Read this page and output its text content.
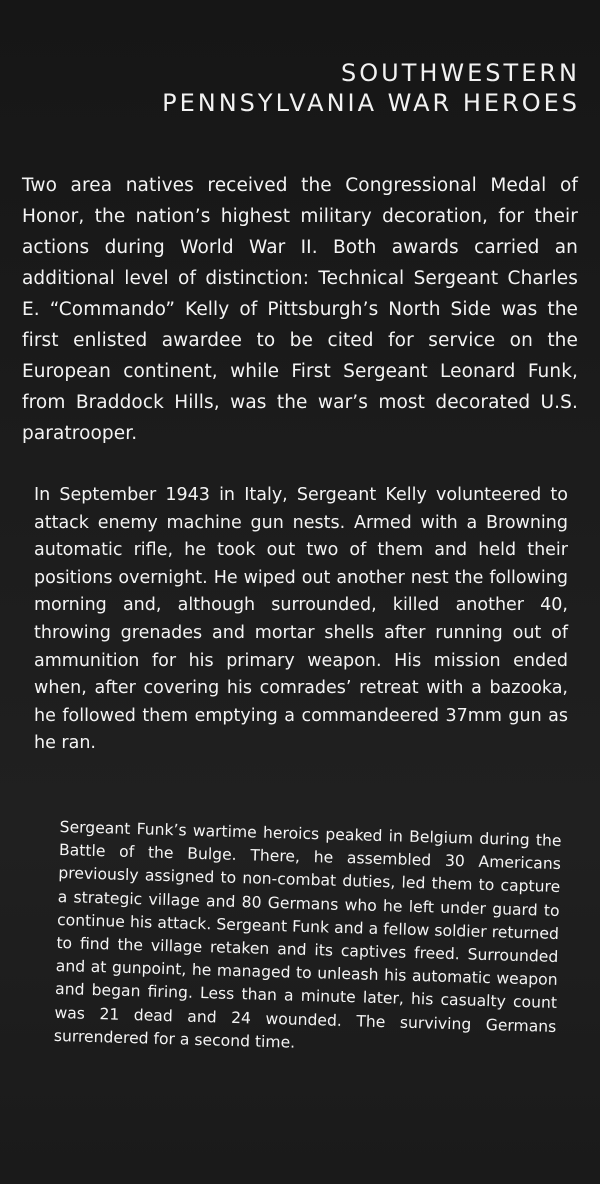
SOUTHWESTERN
PENNSYLVANIA WAR HEROES
Two area natives received the Congressional Medal of Honor, the nation’s highest military decoration, for their actions during World War II. Both awards carried an additional level of distinction: Technical Sergeant Charles E. “Commando” Kelly of Pittsburgh’s North Side was the first enlisted awardee to be cited for service on the European continent, while First Sergeant Leonard Funk, from Braddock Hills, was the war’s most decorated U.S. paratrooper.
In September 1943 in Italy, Sergeant Kelly volunteered to attack enemy machine gun nests. Armed with a Browning automatic rifle, he took out two of them and held their positions overnight. He wiped out another nest the following morning and, although surrounded, killed another 40, throwing grenades and mortar shells after running out of ammunition for his primary weapon. His mission ended when, after covering his comrades’ retreat with a bazooka, he followed them emptying a commandeered 37mm gun as he ran.
Sergeant Funk’s wartime heroics peaked in Belgium during the Battle of the Bulge. There, he assembled 30 Americans previously assigned to non-combat duties, led them to capture a strategic village and 80 Germans who he left under guard to continue his attack. Sergeant Funk and a fellow soldier returned to find the village retaken and its captives freed. Surrounded and at gunpoint, he managed to unleash his automatic weapon and began firing. Less than a minute later, his casualty count was 21 dead and 24 wounded. The surviving Germans surrendered for a second time.
